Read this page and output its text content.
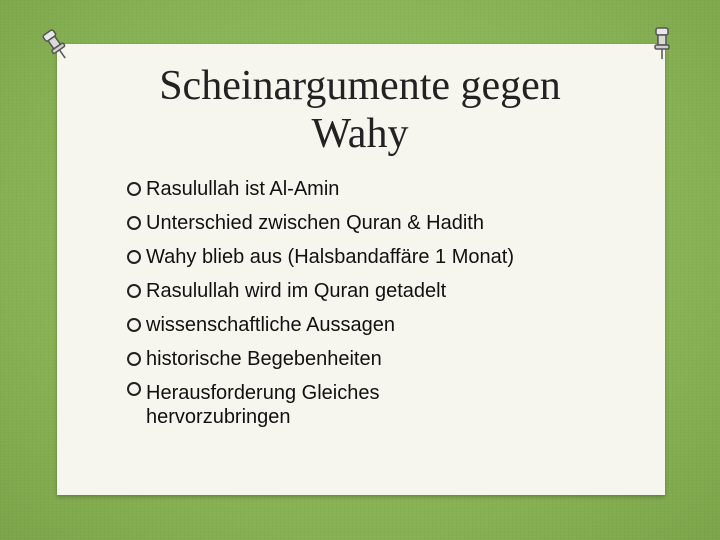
Scheinargumente gegen
Wahy
Rasulullah ist Al-Amin
Unterschied zwischen Quran & Hadith
Wahy blieb aus (Halsbandaffäre 1 Monat)
Rasulullah wird im Quran getadelt
wissenschaftliche Aussagen
historische Begebenheiten
Herausforderung Gleiches hervorzubringen
